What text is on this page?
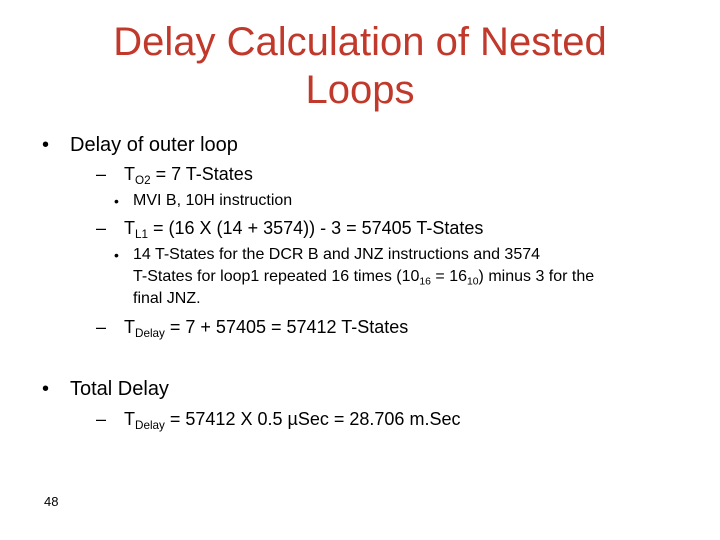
Delay Calculation of Nested
Loops
• Delay of outer loop
– $T_{O2} = 7$ T-States
• MVI B, 10H instruction
– $T_{L1} = (16$ X (14 + 3574)) - 3 = 57405 T-States
• 14 T-States for the DCR B and JNZ instructions and 3574
T-States for loop1 repeated 16 times $(10_{16} = 16_{10})$ minus 3 for the
final JNZ.
– $T_{Delay} = 7 + 57405 = 57412$ T-States
• Total Delay
– $T_{Delay} = 57412$ X 0.5 µSec = 28.706 m.Sec
48
